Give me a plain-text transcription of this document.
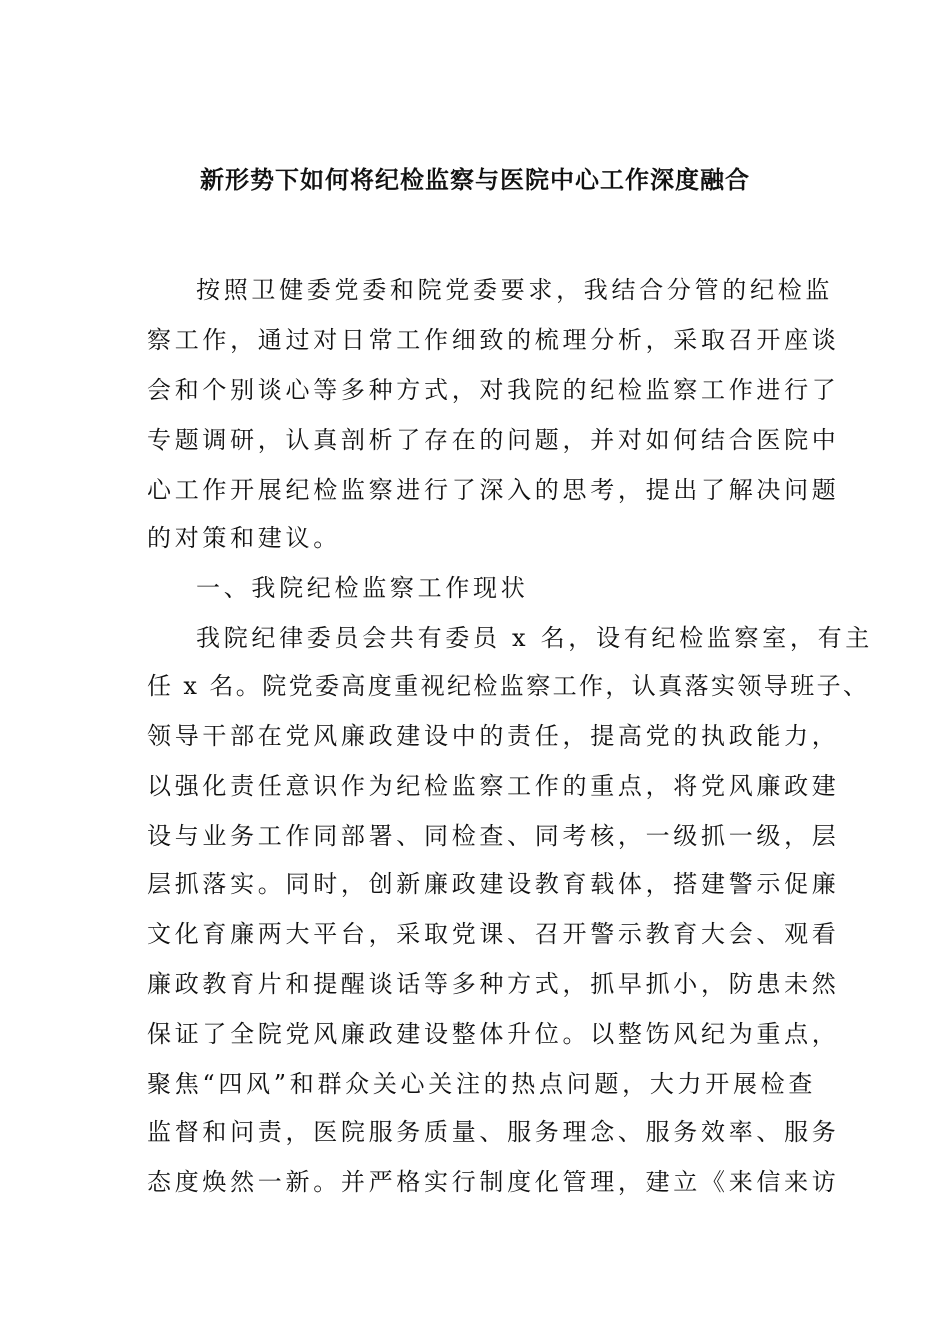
新形势下如何将纪检监察与医院中心工作深度融合
按照卫健委党委和院党委要求，我结合分管的纪检监
察工作，通过对日常工作细致的梳理分析，采取召开座谈
会和个别谈心等多种方式，对我院的纪检监察工作进行了
专题调研，认真剖析了存在的问题，并对如何结合医院中
心工作开展纪检监察进行了深入的思考，提出了解决问题
的对策和建议。
一、我院纪检监察工作现状
我院纪律委员会共有委员 x 名，设有纪检监察室，有主
任 x 名。院党委高度重视纪检监察工作，认真落实领导班子、
领导干部在党风廉政建设中的责任，提高党的执政能力，
以强化责任意识作为纪检监察工作的重点，将党风廉政建
设与业务工作同部署、同检查、同考核，一级抓一级，层
层抓落实。同时，创新廉政建设教育载体，搭建警示促廉
文化育廉两大平台，采取党课、召开警示教育大会、观看
廉政教育片和提醒谈话等多种方式，抓早抓小，防患未然
保证了全院党风廉政建设整体升位。以整饬风纪为重点，
聚焦“四风”和群众关心关注的热点问题，大力开展检查
监督和问责，医院服务质量、服务理念、服务效率、服务
态度焕然一新。并严格实行制度化管理，建立《来信来访
